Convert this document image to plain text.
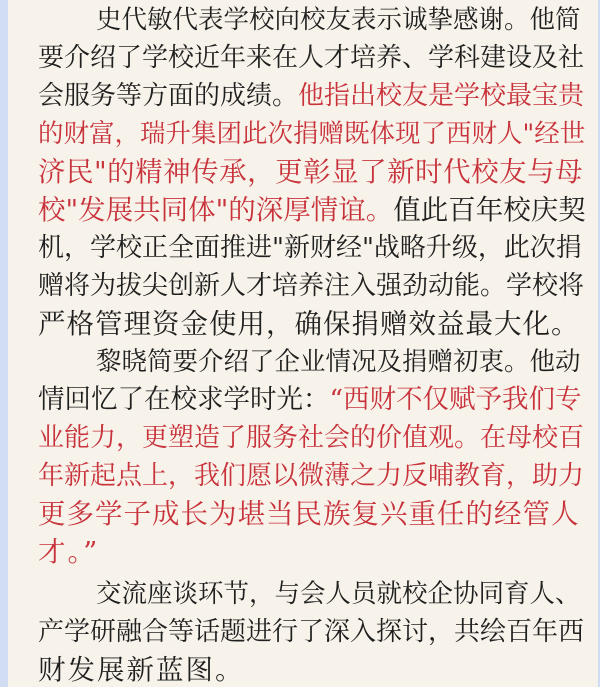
史代敏代表学校向校友表示诚挚感谢。他简
要介绍了学校近年来在人才培养、学科建设及社
会服务等方面的成绩。他指出校友是学校最宝贵
的财富，瑞升集团此次捐赠既体现了西财人"经世
济民"的精神传承，更彰显了新时代校友与母
校"发展共同体"的深厚情谊。值此百年校庆契
机，学校正全面推进"新财经"战略升级，此次捐
赠将为拔尖创新人才培养注入强劲动能。学校将
严格管理资金使用，确保捐赠效益最大化。
黎晓简要介绍了企业情况及捐赠初衷。他动
情回忆了在校求学时光：“西财不仅赋予我们专
业能力，更塑造了服务社会的价值观。在母校百
年新起点上，我们愿以微薄之力反哺教育，助力
更多学子成长为堪当民族复兴重任的经管人
才。”
交流座谈环节，与会人员就校企协同育人、
产学研融合等话题进行了深入探讨，共绘百年西
财发展新蓝图。
